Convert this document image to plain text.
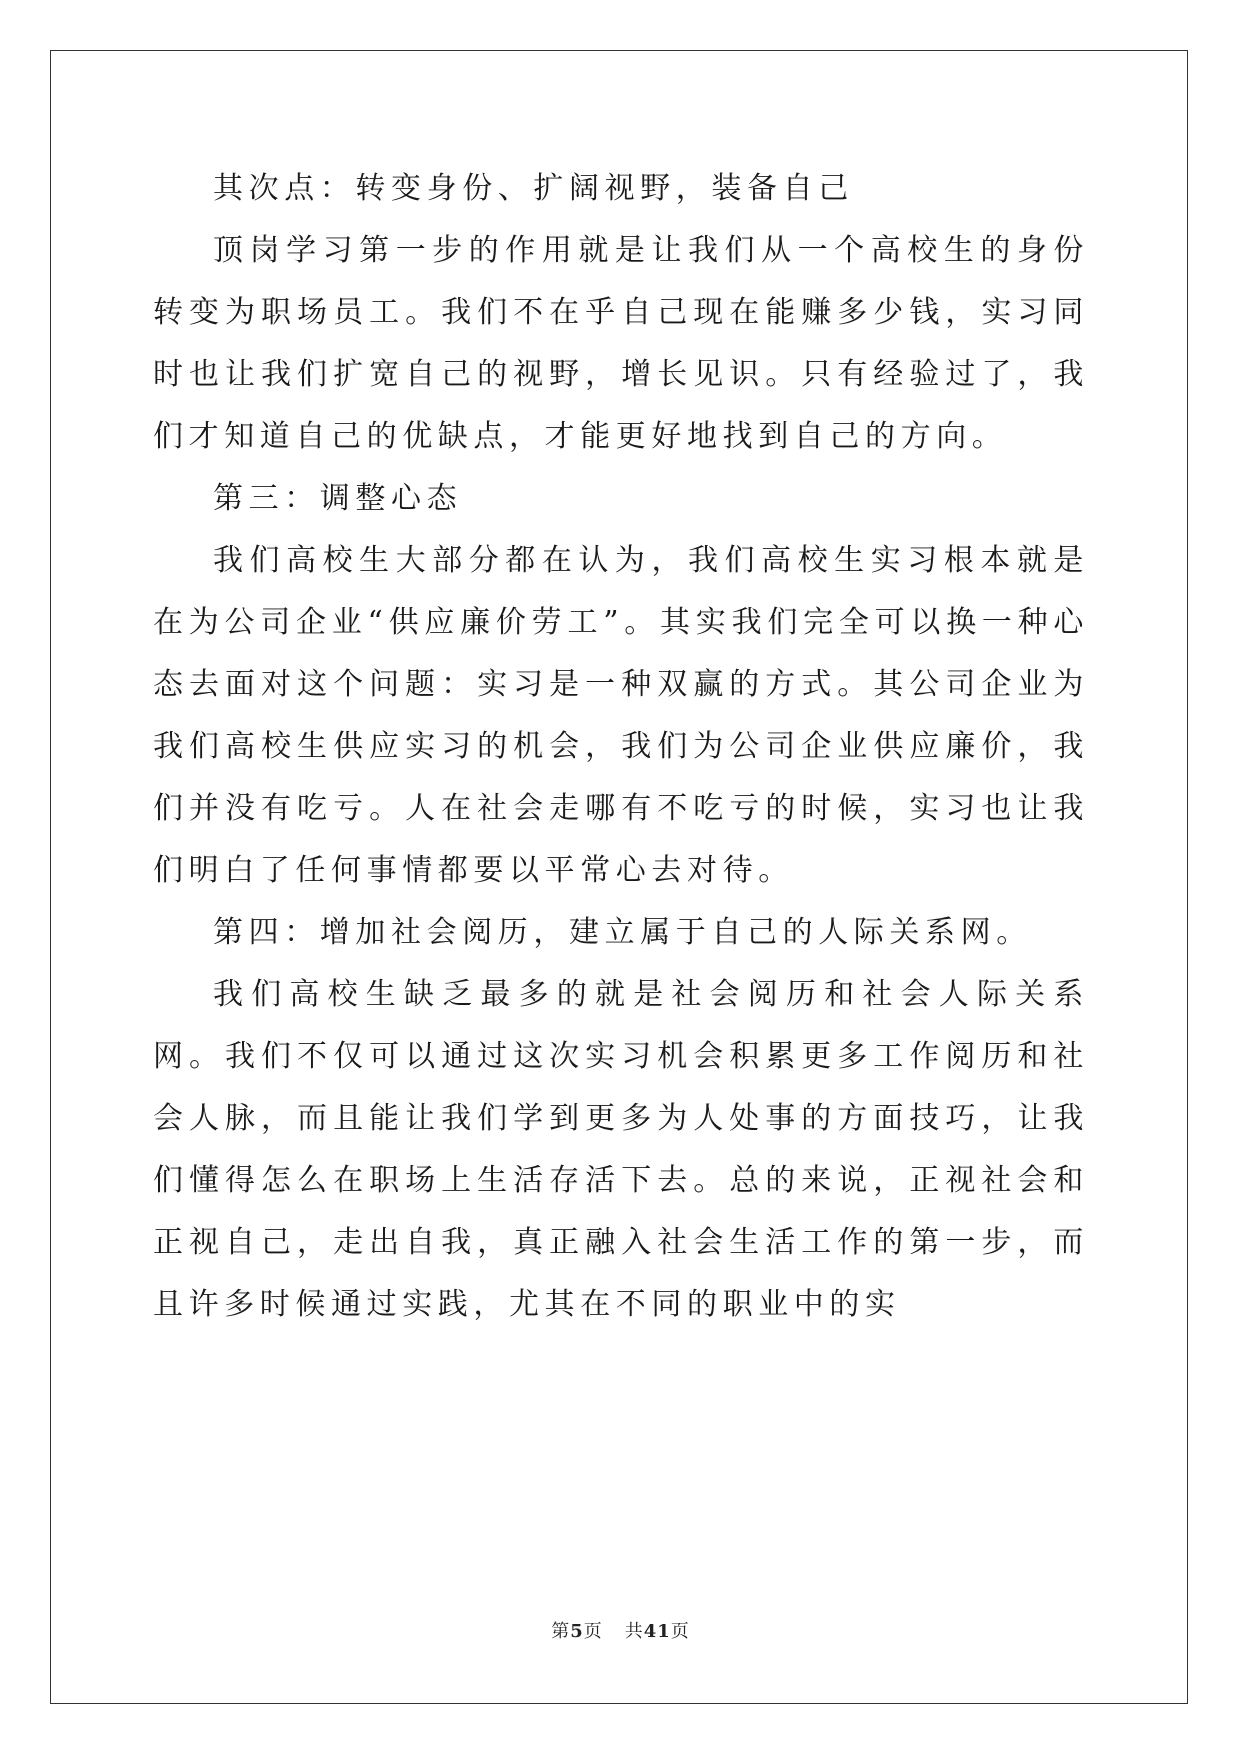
其次点：转变身份、扩阔视野，装备自己

顶岗学习第一步的作用就是让我们从一个高校生的身份转变为职场员工。我们不在乎自己现在能赚多少钱，实习同时也让我们扩宽自己的视野，增长见识。只有经验过了，我们才知道自己的优缺点，才能更好地找到自己的方向。

第三：调整心态

我们高校生大部分都在认为，我们高校生实习根本就是在为公司企业“供应廉价劳工”。其实我们完全可以换一种心态去面对这个问题：实习是一种双赢的方式。其公司企业为我们高校生供应实习的机会，我们为公司企业供应廉价，我们并没有吃亏。人在社会走哪有不吃亏的时候，实习也让我们明白了任何事情都要以平常心去对待。

第四：增加社会阅历，建立属于自己的人际关系网。

我们高校生缺乏最多的就是社会阅历和社会人际关系网。我们不仅可以通过这次实习机会积累更多工作阅历和社会人脉，而且能让我们学到更多为人处事的方面技巧，让我们懂得怎么在职场上生活存活下去。总的来说，正视社会和正视自己，走出自我，真正融入社会生活工作的第一步，而且许多时候通过实践，尤其在不同的职业中的实

第5页 共41页
